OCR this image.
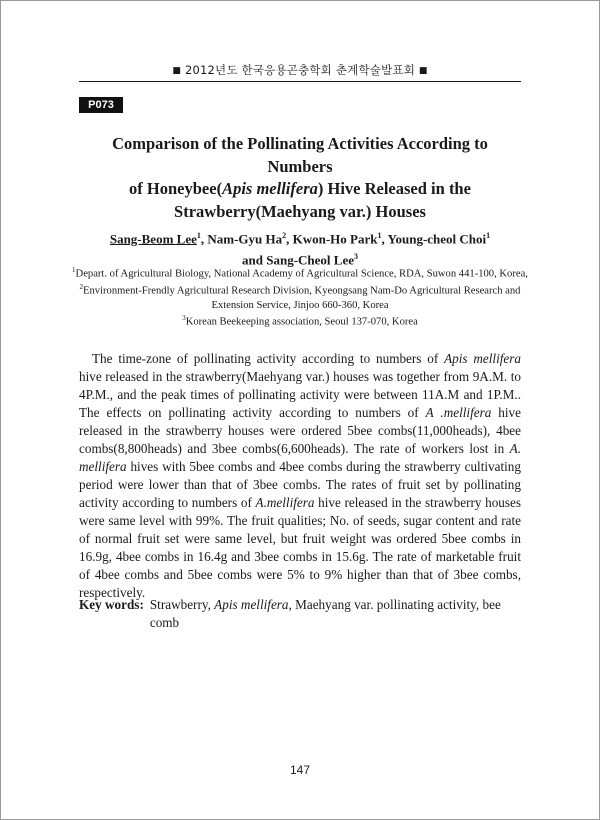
■ 2012년도 한국응용곤충학회 춘계학술발표회 ■
P073
Comparison of the Pollinating Activities According to Numbers
of Honeybee(Apis mellifera) Hive Released in the
Strawberry(Maehyang var.) Houses
Sang-Beom Lee$^1$, Nam-Gyu Ha$^2$, Kwon-Ho Park$^1$, Young-cheol Choi$^1$
and Sang-Cheol Lee$^3$
$^1$Depart. of Agricultural Biology, National Academy of Agricultural Science, RDA, Suwon 441-100, Korea, $^2$Environment-Frendly Agricultural Research Division, Kyeongsang Nam-Do Agricultural Research and Extension Service, Jinjoo 660-360, Korea
$^3$Korean Beekeeping association, Seoul 137-070, Korea
The time-zone of pollinating activity according to numbers of Apis mellifera hive released in the strawberry(Maehyang var.) houses was together from 9A.M. to 4P.M., and the peak times of pollinating activity were between 11A.M and 1P.M.. The effects on pollinating activity according to numbers of A .mellifera hive released in the strawberry houses were ordered 5bee combs(11,000heads), 4bee combs(8,800heads) and 3bee combs(6,600heads). The rate of workers lost in A. mellifera hives with 5bee combs and 4bee combs during the strawberry cultivating period were lower than that of 3bee combs. The rates of fruit set by pollinating activity according to numbers of A.mellifera hive released in the strawberry houses were same level with 99%. The fruit qualities; No. of seeds, sugar content and rate of normal fruit set were same level, but fruit weight was ordered 5bee combs in 16.9g, 4bee combs in 16.4g and 3bee combs in 15.6g. The rate of marketable fruit of 4bee combs and 5bee combs were 5% to 9% higher than that of 3bee combs, respectively.
Key words: Strawberry, Apis mellifera, Maehyang var. pollinating activity, bee comb
147
